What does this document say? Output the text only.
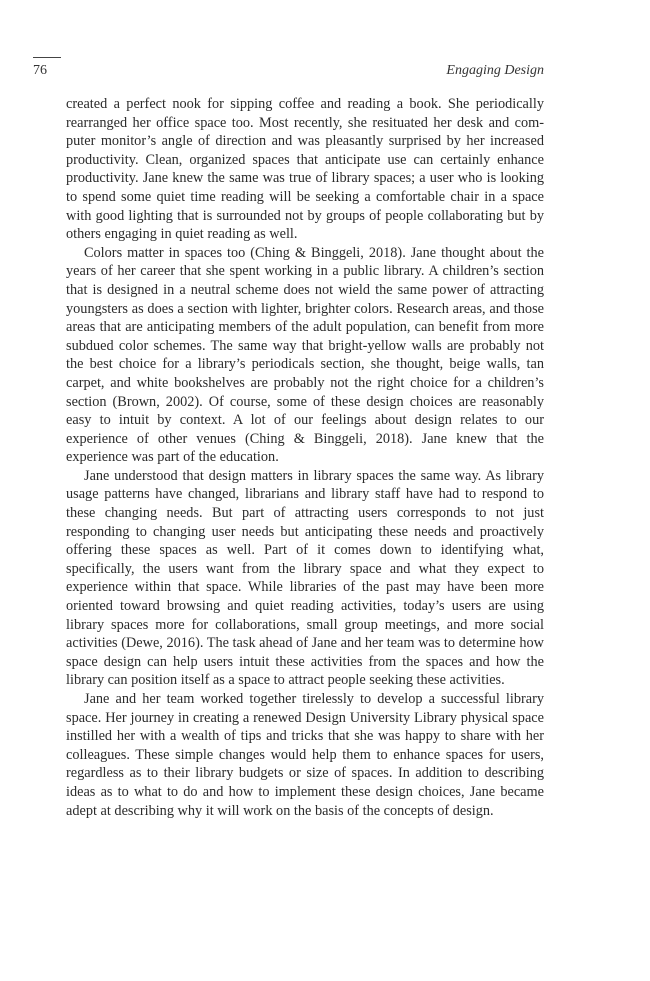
76	Engaging Design

created a perfect nook for sipping coffee and reading a book. She periodically rearranged her office space too. Most recently, she resituated her desk and computer monitor’s angle of direction and was pleasantly surprised by her increased productivity. Clean, organized spaces that anticipate use can certainly enhance productivity. Jane knew the same was true of library spaces; a user who is looking to spend some quiet time reading will be seeking a comfortable chair in a space with good lighting that is surrounded not by groups of people collaborating but by others engaging in quiet reading as well.

Colors matter in spaces too (Ching & Binggeli, 2018). Jane thought about the years of her career that she spent working in a public library. A children’s section that is designed in a neutral scheme does not wield the same power of attracting youngsters as does a section with lighter, brighter colors. Research areas, and those areas that are anticipating members of the adult population, can benefit from more subdued color schemes. The same way that bright-yellow walls are probably not the best choice for a library’s periodicals section, she thought, beige walls, tan carpet, and white bookshelves are probably not the right choice for a children’s section (Brown, 2002). Of course, some of these design choices are reasonably easy to intuit by context. A lot of our feelings about design relates to our experience of other venues (Ching & Binggeli, 2018). Jane knew that the experience was part of the education.

Jane understood that design matters in library spaces the same way. As library usage patterns have changed, librarians and library staff have had to respond to these changing needs. But part of attracting users corresponds to not just responding to changing user needs but anticipating these needs and proactively offering these spaces as well. Part of it comes down to identifying what, specifically, the users want from the library space and what they expect to experience within that space. While libraries of the past may have been more oriented toward browsing and quiet reading activities, today’s users are using library spaces more for collaborations, small group meetings, and more social activities (Dewe, 2016). The task ahead of Jane and her team was to determine how space design can help users intuit these activities from the spaces and how the library can position itself as a space to attract people seeking these activities.

Jane and her team worked together tirelessly to develop a successful library space. Her journey in creating a renewed Design University Library physical space instilled her with a wealth of tips and tricks that she was happy to share with her colleagues. These simple changes would help them to enhance spaces for users, regardless as to their library budgets or size of spaces. In addition to describing ideas as to what to do and how to implement these design choices, Jane became adept at describing why it will work on the basis of the concepts of design.
